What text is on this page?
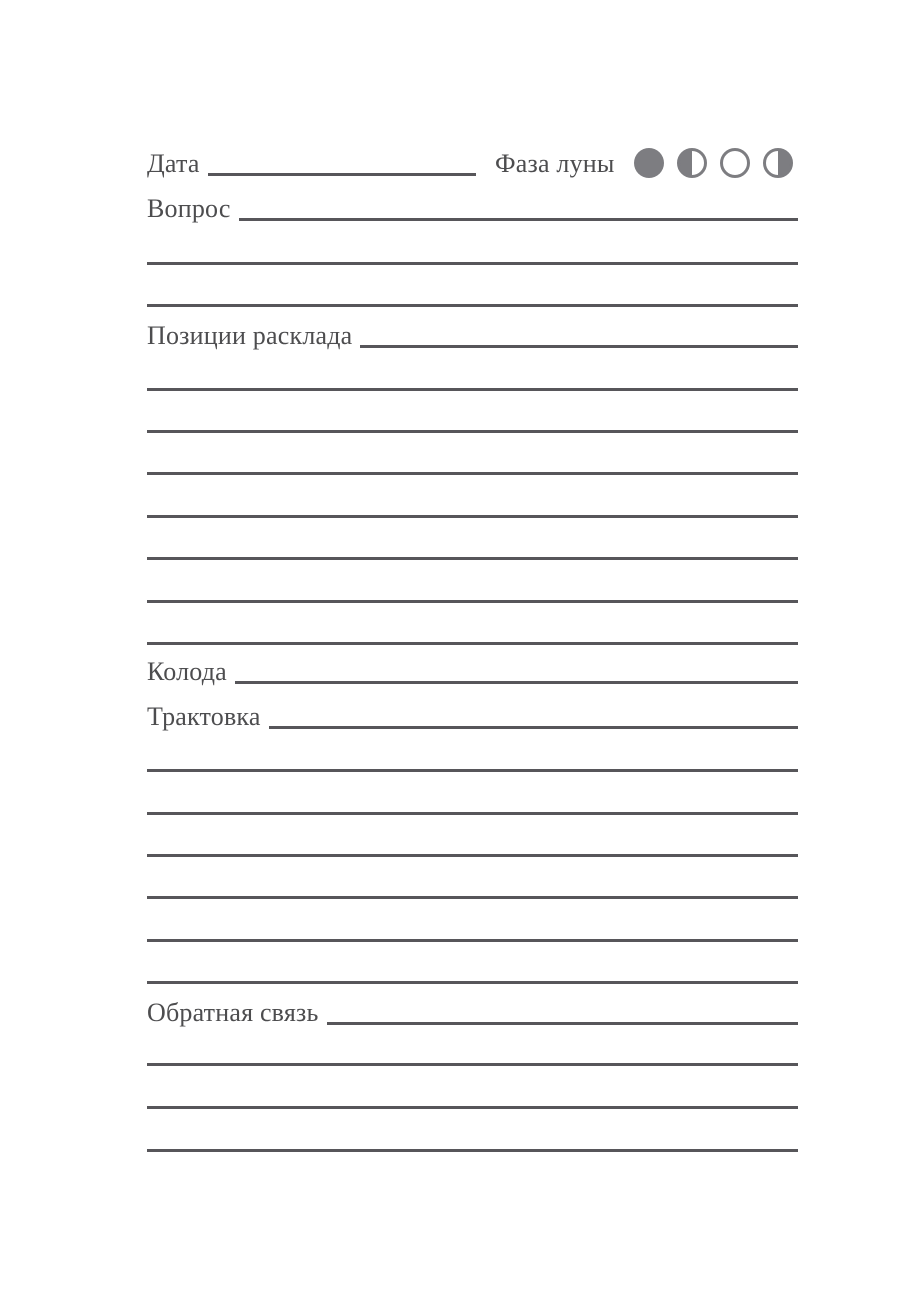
Дата	Фаза луны
Вопрос
Позиции расклада
Колода
Трактовка
Обратная связь
